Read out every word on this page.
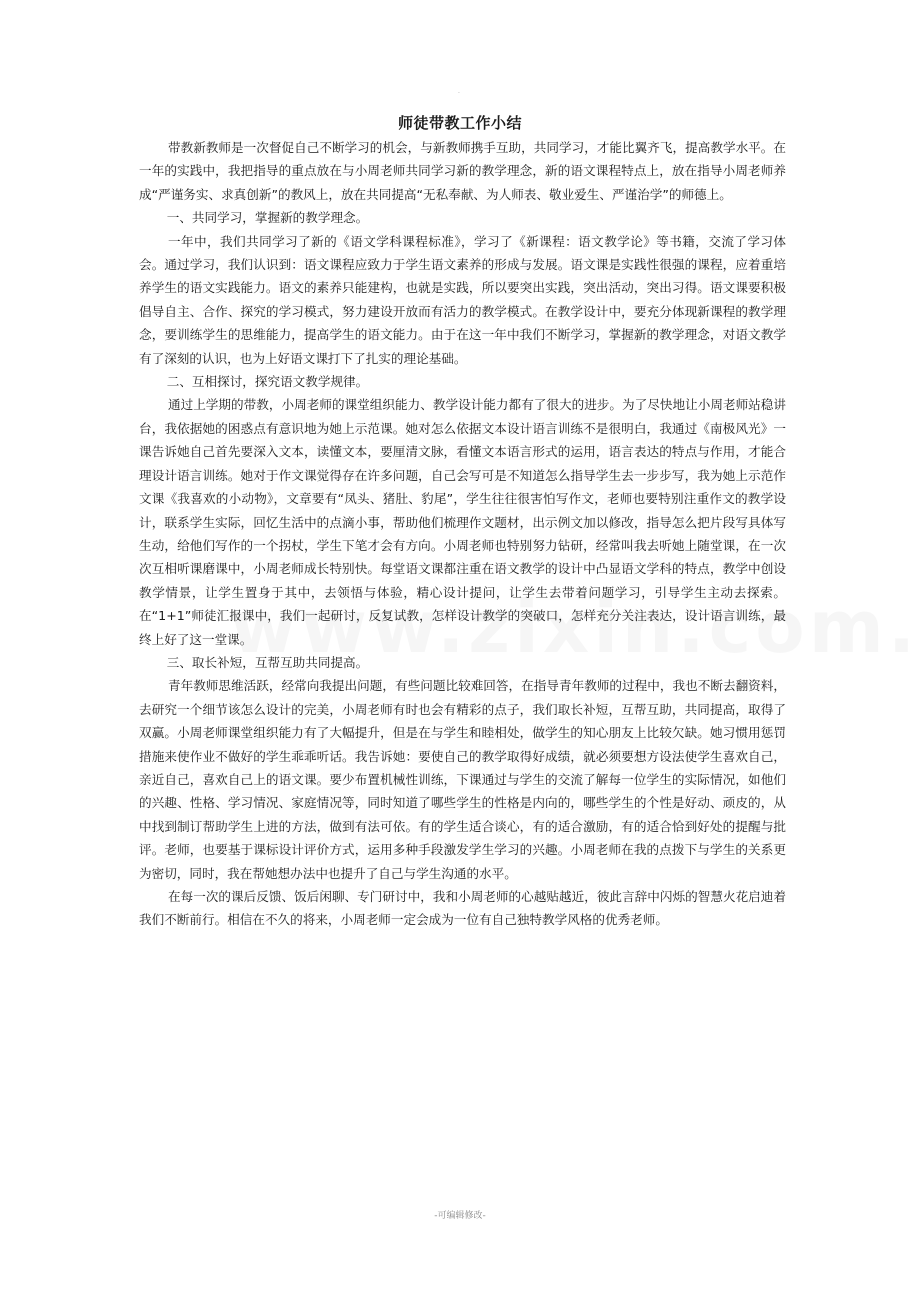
.
师徒带教工作小结

带教新教师是一次督促自己不断学习的机会，与新教师携手互助，共同学习，才能比翼齐飞，提高教学水平。在一年的实践中，我把指导的重点放在与小周老师共同学习新的教学理念，新的语文课程特点上，放在指导小周老师养成“严谨务实、求真创新”的教风上，放在共同提高“无私奉献、为人师表、敬业爱生、严谨治学”的师德上。

一、共同学习，掌握新的教学理念。

一年中，我们共同学习了新的《语文学科课程标准》，学习了《新课程：语文教学论》等书籍，交流了学习体会。通过学习，我们认识到：语文课程应致力于学生语文素养的形成与发展。语文课是实践性很强的课程，应着重培养学生的语文实践能力。语文的素养只能建构，也就是实践，所以要突出实践，突出活动，突出习得。语文课要积极倡导自主、合作、探究的学习模式，努力建设开放而有活力的教学模式。在教学设计中，要充分体现新课程的教学理念，要训练学生的思维能力，提高学生的语文能力。由于在这一年中我们不断学习，掌握新的教学理念，对语文教学有了深刻的认识，也为上好语文课打下了扎实的理论基础。

二、互相探讨，探究语文教学规律。

通过上学期的带教，小周老师的课堂组织能力、教学设计能力都有了很大的进步。为了尽快地让小周老师站稳讲台，我依据她的困惑点有意识地为她上示范课。她对怎么依据文本设计语言训练不是很明白，我通过《南极风光》一课告诉她自己首先要深入文本，读懂文本，要厘清文脉，看懂文本语言形式的运用，语言表达的特点与作用，才能合理设计语言训练。她对于作文课觉得存在许多问题，自己会写可是不知道怎么指导学生去一步步写，我为她上示范作文课《我喜欢的小动物》，文章要有“凤头、猪肚、豹尾”，学生往往很害怕写作文，老师也要特别注重作文的教学设计，联系学生实际，回忆生活中的点滴小事，帮助他们梳理作文题材，出示例文加以修改，指导怎么把片段写具体写生动，给他们写作的一个拐杖，学生下笔才会有方向。小周老师也特别努力钻研，经常叫我去听她上随堂课，在一次次互相听课磨课中，小周老师成长特别快。每堂语文课都注重在语文教学的设计中凸显语文学科的特点，教学中创设教学情景，让学生置身于其中，去领悟与体验，精心设计提问，让学生去带着问题学习，引导学生主动去探索。在“1+1”师徒汇报课中，我们一起研讨，反复试教，怎样设计教学的突破口，怎样充分关注表达，设计语言训练，最终上好了这一堂课。

三、取长补短，互帮互助共同提高。

青年教师思维活跃，经常向我提出问题，有些问题比较难回答，在指导青年教师的过程中，我也不断去翻资料，去研究一个细节该怎么设计的完美，小周老师有时也会有精彩的点子，我们取长补短，互帮互助，共同提高，取得了双赢。小周老师课堂组织能力有了大幅提升，但是在与学生和睦相处，做学生的知心朋友上比较欠缺。她习惯用惩罚措施来使作业不做好的学生乖乖听话。我告诉她：要使自己的教学取得好成绩，就必须要想方设法使学生喜欢自己，亲近自己，喜欢自己上的语文课。要少布置机械性训练，下课通过与学生的交流了解每一位学生的实际情况，如他们的兴趣、性格、学习情况、家庭情况等，同时知道了哪些学生的性格是内向的，哪些学生的个性是好动、顽皮的，从中找到制订帮助学生上进的方法，做到有法可依。有的学生适合谈心，有的适合激励，有的适合恰到好处的提醒与批评。老师，也要基于课标设计评价方式，运用多种手段激发学生学习的兴趣。小周老师在我的点拨下与学生的关系更为密切，同时，我在帮她想办法中也提升了自己与学生沟通的水平。

在每一次的课后反馈、饭后闲聊、专门研讨中，我和小周老师的心越贴越近，彼此言辞中闪烁的智慧火花启迪着我们不断前行。相信在不久的将来，小周老师一定会成为一位有自己独特教学风格的优秀老师。

-可编辑修改-
